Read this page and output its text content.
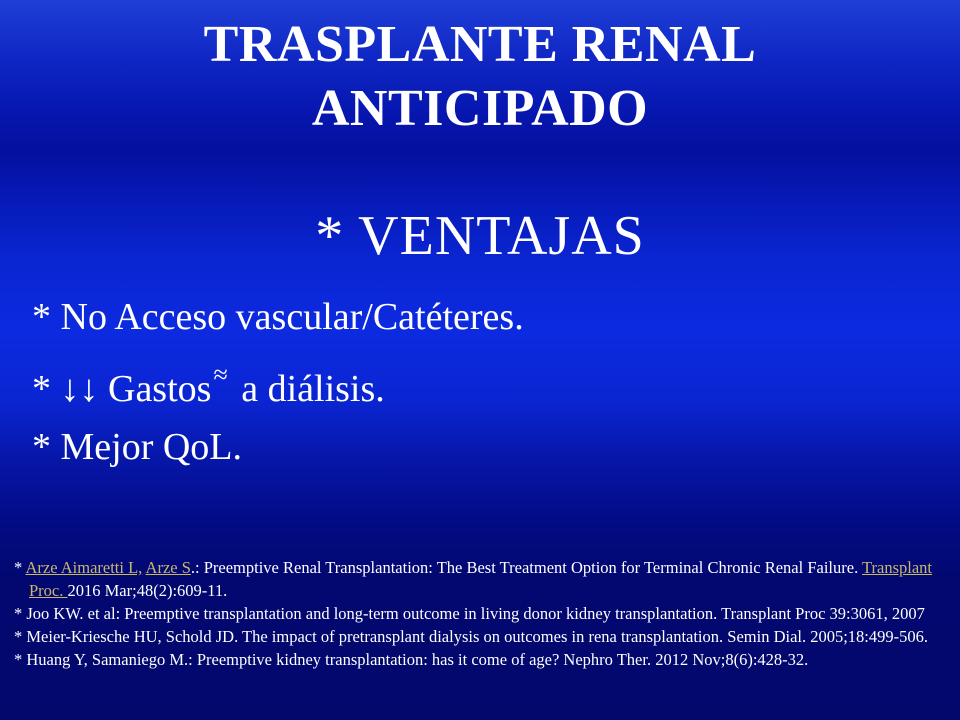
TRASPLANTE RENAL
ANTICIPADO
* VENTAJAS
* No Acceso vascular/Catéteres.
* ↓↓ Gastos≈ a diálisis.
* Mejor QoL.
* Arze Aimaretti L, Arze S.: Preemptive Renal Transplantation: The Best Treatment Option for Terminal Chronic Renal Failure. Transplant Proc. 2016 Mar;48(2):609-11.
* Joo KW. et al: Preemptive transplantation and long-term outcome in living donor kidney transplantation. Transplant Proc 39:3061, 2007
* Meier-Kriesche HU, Schold JD. The impact of pretransplant dialysis on outcomes in rena transplantation. Semin Dial. 2005;18:499-506.
* Huang Y, Samaniego M.: Preemptive kidney transplantation: has it come of age? Nephro Ther. 2012 Nov;8(6):428-32.
